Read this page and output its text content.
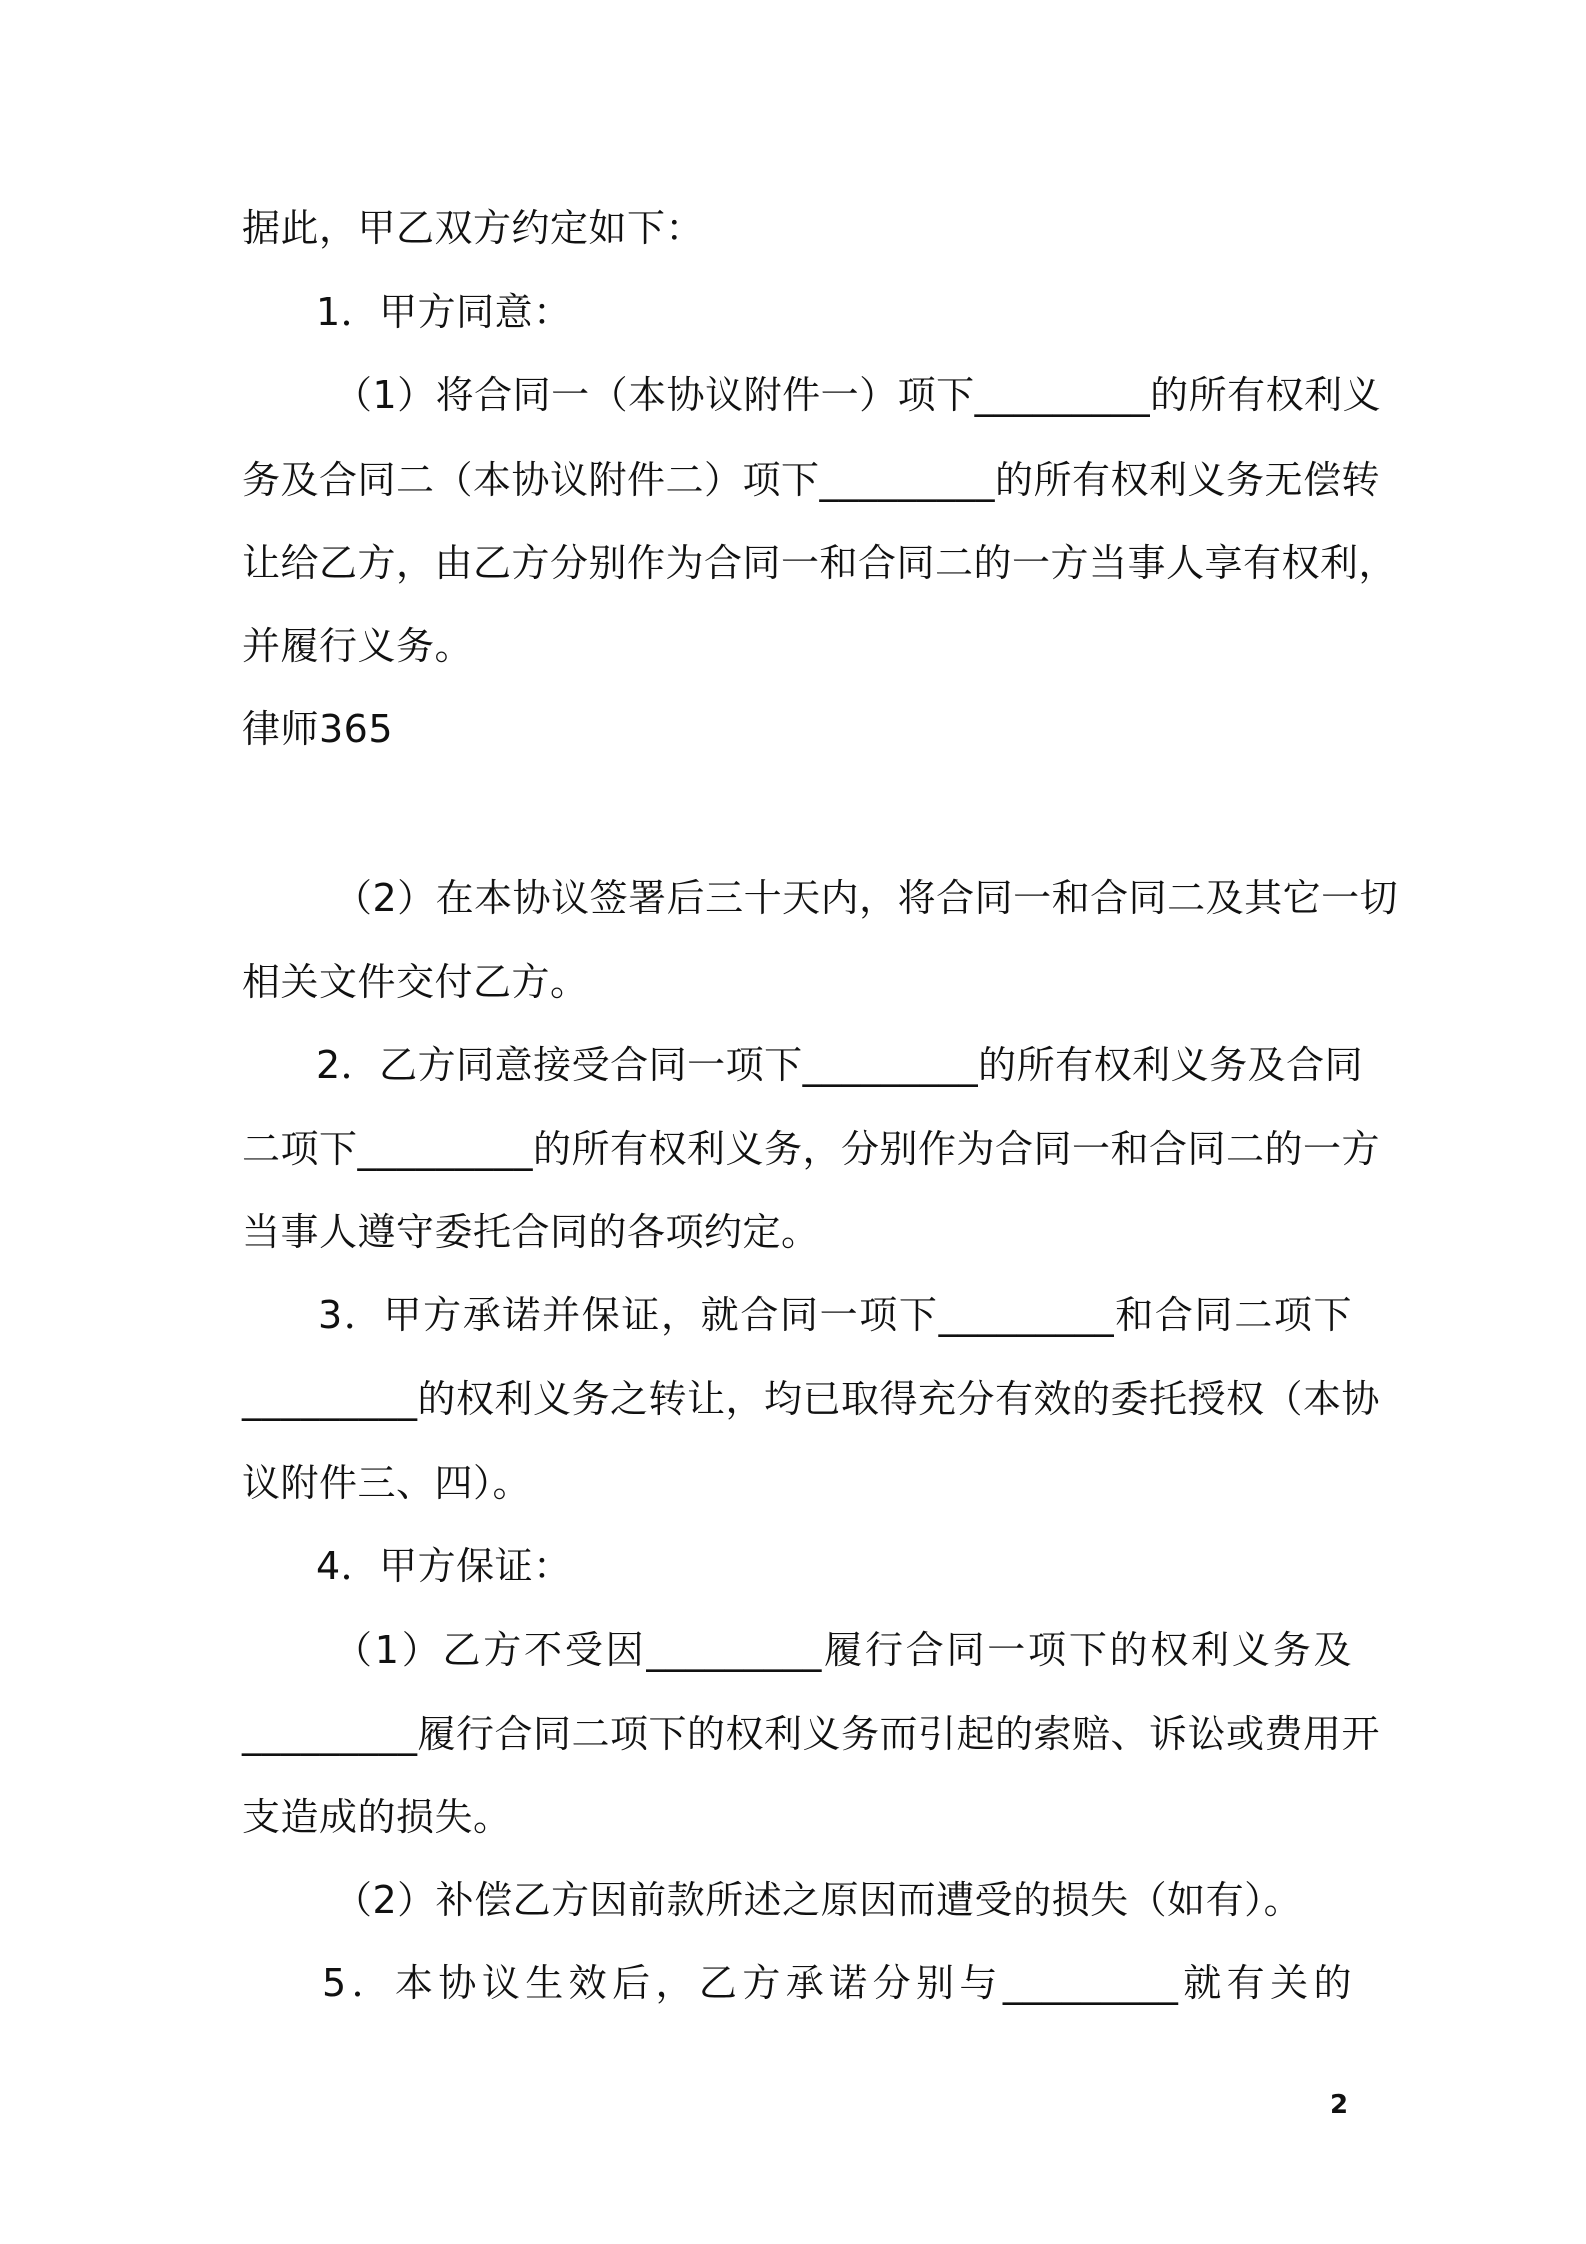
据此，甲乙双方约定如下：
1．甲方同意：
（1）将合同一（本协议附件一）项下_________的所有权利义
务及合同二（本协议附件二）项下_________的所有权利义务无偿转
让给乙方，由乙方分别作为合同一和合同二的一方当事人享有权利，
并履行义务。
律师365
（2）在本协议签署后三十天内，将合同一和合同二及其它一切
相关文件交付乙方。
2．乙方同意接受合同一项下_________的所有权利义务及合同
二项下_________的所有权利义务，分别作为合同一和合同二的一方
当事人遵守委托合同的各项约定。
3．甲方承诺并保证，就合同一项下_________和合同二项下
_________的权利义务之转让，均已取得充分有效的委托授权（本协
议附件三、四）。
4．甲方保证：
（1）乙方不受因_________履行合同一项下的权利义务及
_________履行合同二项下的权利义务而引起的索赔、诉讼或费用开
支造成的损失。
（2）补偿乙方因前款所述之原因而遭受的损失（如有）。
5．本协议生效后，乙方承诺分别与_________就有关的
2
